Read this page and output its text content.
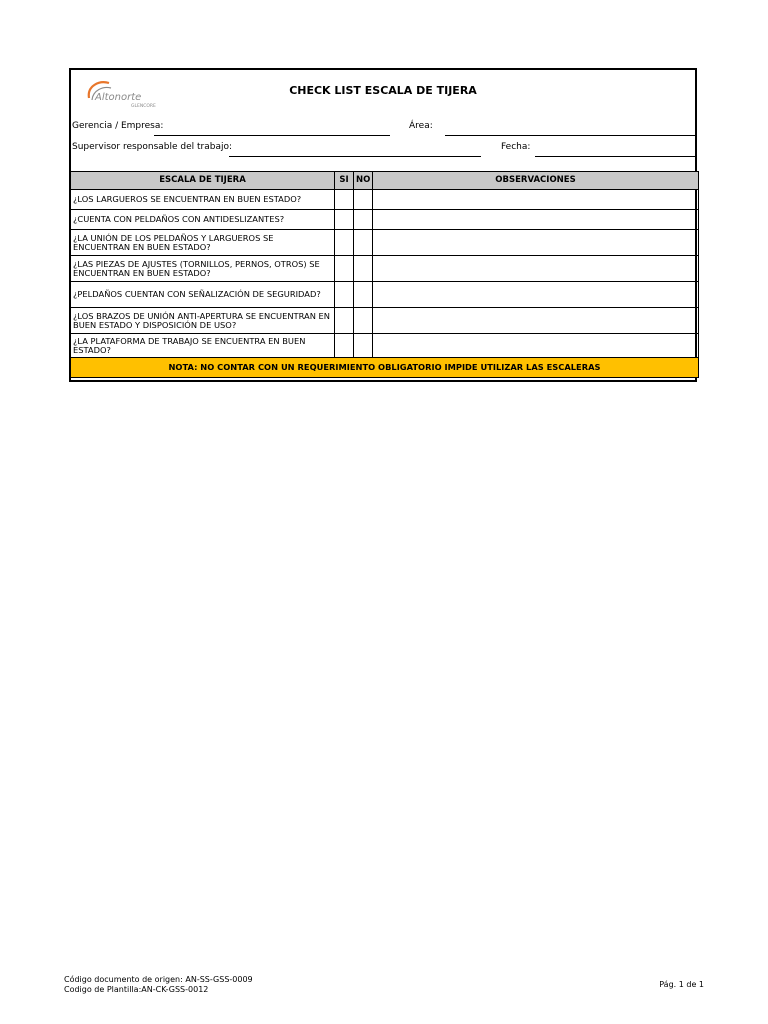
Altonorte
GLENCORE
CHECK LIST ESCALA DE TIJERA
Gerencia / Empresa:	Área:
Supervisor responsable del trabajo:	Fecha:
ESCALA DE TIJERA	SI	NO	OBSERVACIONES
¿LOS LARGUEROS SE ENCUENTRAN EN BUEN ESTADO?			
¿CUENTA CON PELDAÑOS CON ANTIDESLIZANTES?			
¿LA UNIÓN DE LOS PELDAÑOS Y LARGUEROS SE ENCUENTRAN EN BUEN ESTADO?			
¿LAS PIEZAS DE AJUSTES (TORNILLOS, PERNOS, OTROS) SE ENCUENTRAN EN BUEN ESTADO?			
¿PELDAÑOS CUENTAN CON SEÑALIZACIÓN DE SEGURIDAD?			
¿LOS BRAZOS DE UNIÓN ANTI-APERTURA SE ENCUENTRAN EN BUEN ESTADO Y DISPOSICIÓN DE USO?			
¿LA PLATAFORMA DE TRABAJO SE ENCUENTRA EN BUEN ESTADO?			
NOTA: NO CONTAR CON UN REQUERIMIENTO OBLIGATORIO IMPIDE UTILIZAR LAS ESCALERAS			
Código documento de origen: AN-SS-GSS-0009
Codigo de Plantilla:AN-CK-GSS-0012
Pág. 1 de 1
